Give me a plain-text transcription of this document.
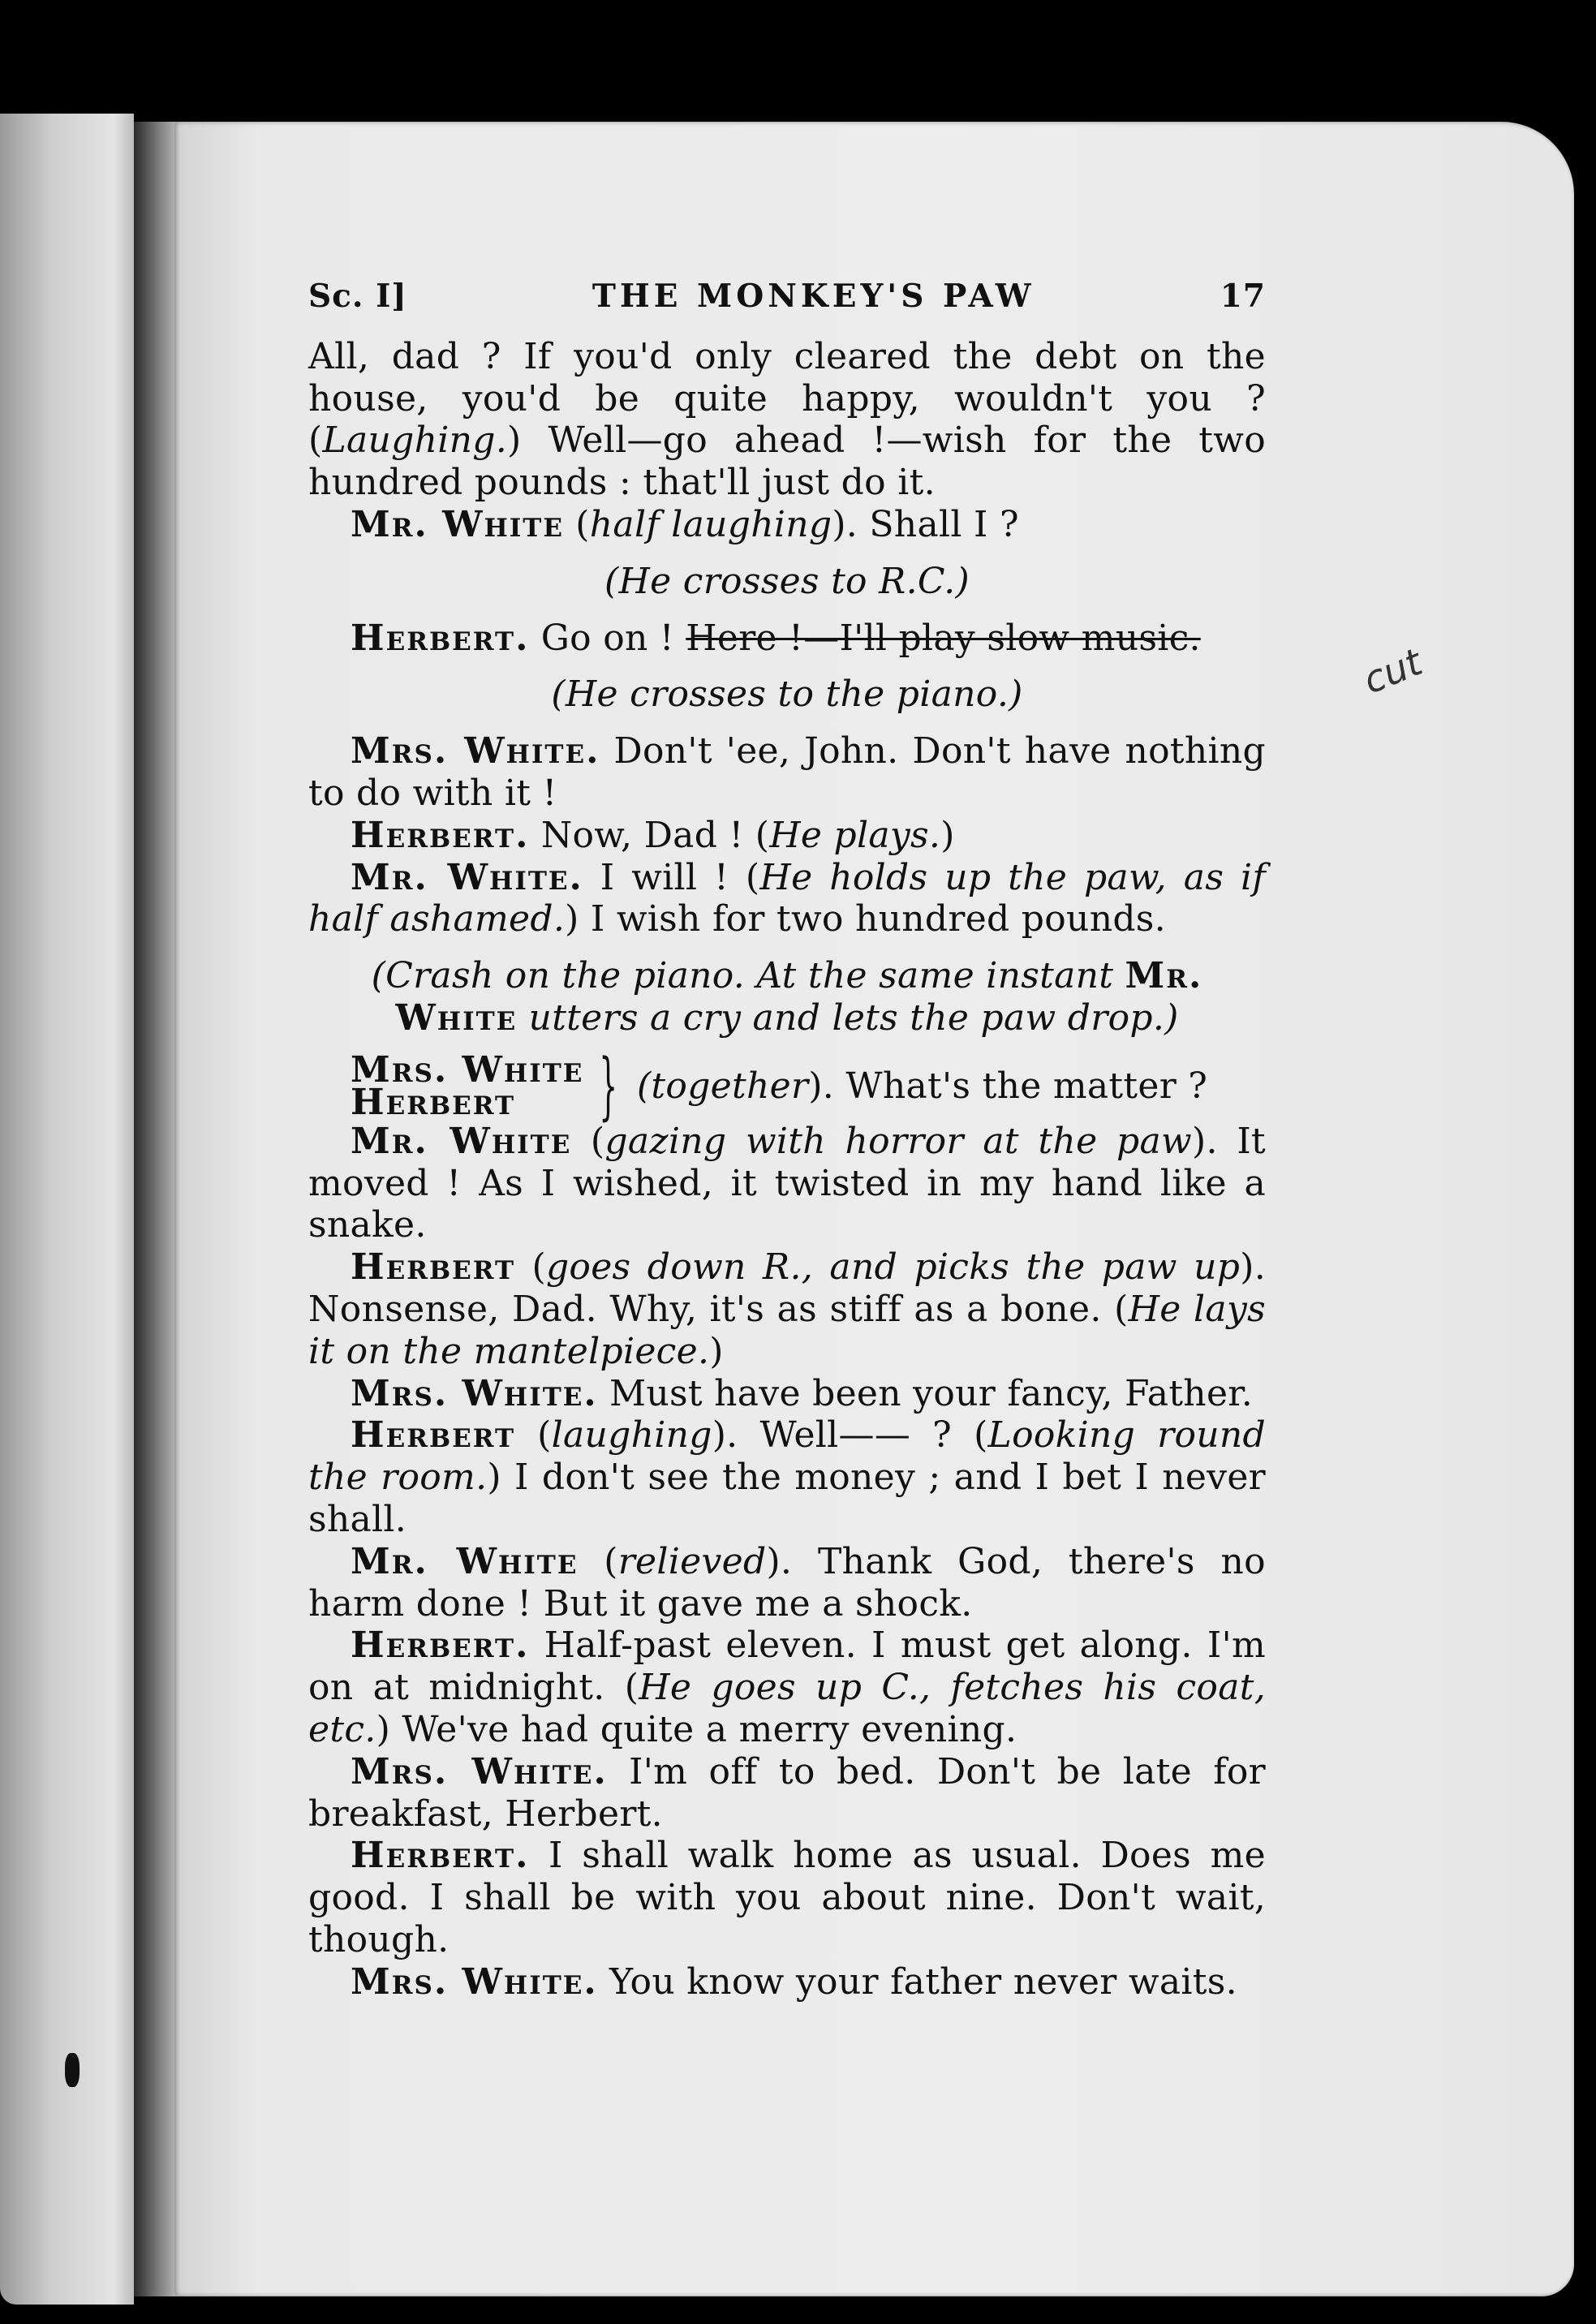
cut
Sc. I]	THE MONKEY'S PAW	17

All, dad ? If you'd only cleared the debt on the house, you'd be quite happy, wouldn't you ? (Laughing.) Well—go ahead !—wish for the two hundred pounds : that'll just do it.

Mr. White (half laughing). Shall I ?

(He crosses to R.C.)

Herbert. Go on ! Here !—I'll play slow music.

(He crosses to the piano.)

Mrs. White. Don't 'ee, John. Don't have nothing to do with it !

Herbert. Now, Dad ! (He plays.)

Mr. White. I will ! (He holds up the paw, as if half ashamed.) I wish for two hundred pounds.

(Crash on the piano. At the same instant Mr. White utters a cry and lets the paw drop.)

Mrs. White
Herbert	} (together ). What's the matter ?

Mr. White (gazing with horror at the paw). It moved ! As I wished, it twisted in my hand like a snake.

Herbert (goes down R., and picks the paw up). Nonsense, Dad. Why, it's as stiff as a bone. (He lays it on the mantelpiece.)

Mrs. White. Must have been your fancy, Father.

Herbert (laughing). Well—— ? (Looking round the room.) I don't see the money ; and I bet I never shall.

Mr. White (relieved). Thank God, there's no harm done ! But it gave me a shock.

Herbert. Half-past eleven. I must get along. I'm on at midnight. (He goes up C., fetches his coat, etc.) We've had quite a merry evening.

Mrs. White. I'm off to bed. Don't be late for breakfast, Herbert.

Herbert. I shall walk home as usual. Does me good. I shall be with you about nine. Don't wait, though.

Mrs. White. You know your father never waits.
